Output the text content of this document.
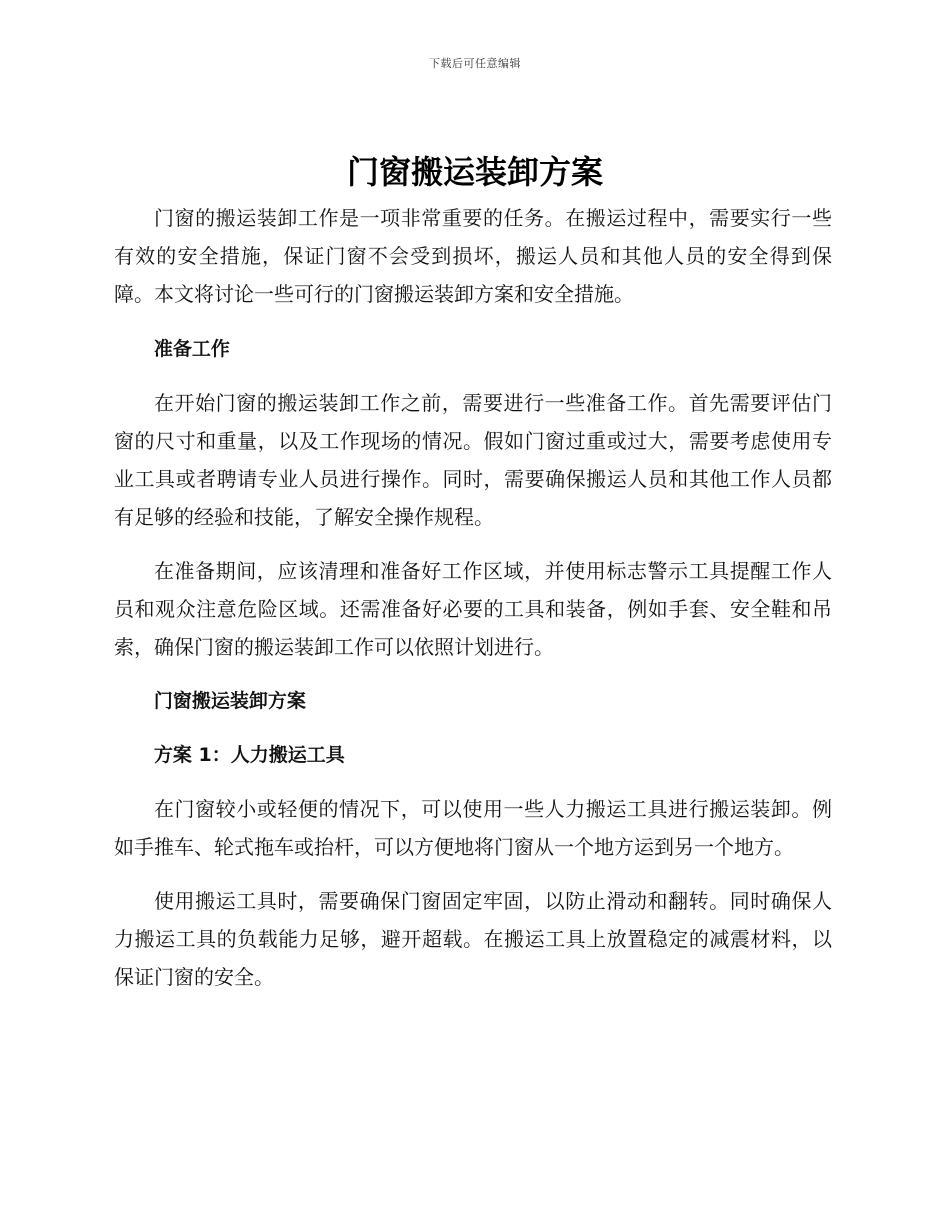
下载后可任意编辑
门窗搬运装卸方案

门窗的搬运装卸工作是一项非常重要的任务。在搬运过程中，需要实行一些有效的安全措施，保证门窗不会受到损坏，搬运人员和其他人员的安全得到保障。本文将讨论一些可行的门窗搬运装卸方案和安全措施。

准备工作

在开始门窗的搬运装卸工作之前，需要进行一些准备工作。首先需要评估门窗的尺寸和重量，以及工作现场的情况。假如门窗过重或过大，需要考虑使用专业工具或者聘请专业人员进行操作。同时，需要确保搬运人员和其他工作人员都有足够的经验和技能，了解安全操作规程。

在准备期间，应该清理和准备好工作区域，并使用标志警示工具提醒工作人员和观众注意危险区域。还需准备好必要的工具和装备，例如手套、安全鞋和吊索，确保门窗的搬运装卸工作可以依照计划进行。

门窗搬运装卸方案
方案 1：人力搬运工具

在门窗较小或轻便的情况下，可以使用一些人力搬运工具进行搬运装卸。例如手推车、轮式拖车或抬杆，可以方便地将门窗从一个地方运到另一个地方。

使用搬运工具时，需要确保门窗固定牢固，以防止滑动和翻转。同时确保人力搬运工具的负载能力足够，避开超载。在搬运工具上放置稳定的减震材料，以保证门窗的安全。
